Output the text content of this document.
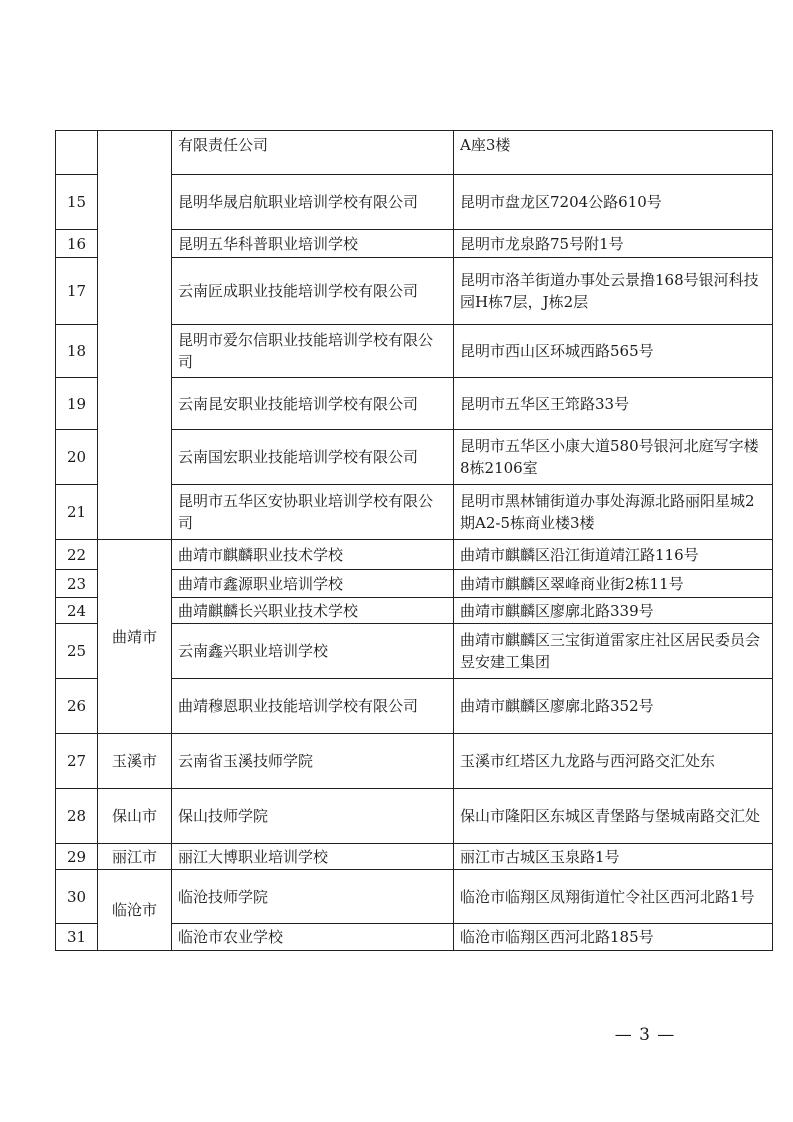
		有限责任公司	A座3楼
15		昆明华晟启航职业培训学校有限公司	昆明市盘龙区7204公路610号
16		昆明五华科普职业培训学校	昆明市龙泉路75号附1号
17		云南匠成职业技能培训学校有限公司	昆明市洛羊街道办事处云景撸168号银河科技园H栋7层，J栋2层
18		昆明市爱尔信职业技能培训学校有限公司	昆明市西山区环城西路565号
19		云南昆安职业技能培训学校有限公司	昆明市五华区王筇路33号
20		云南国宏职业技能培训学校有限公司	昆明市五华区小康大道580号银河北庭写字楼8栋2106室
21		昆明市五华区安协职业培训学校有限公司	昆明市黑林铺街道办事处海源北路丽阳星城2期A2-5栋商业楼3楼
22	曲靖市	曲靖市麒麟职业技术学校	曲靖市麒麟区沿江街道靖江路116号
23		曲靖市鑫源职业培训学校	曲靖市麒麟区翠峰商业街2栋11号
24		曲靖麒麟长兴职业技术学校	曲靖市麒麟区廖廓北路339号
25		云南鑫兴职业培训学校	曲靖市麒麟区三宝街道雷家庄社区居民委员会昱安建工集团
26		曲靖穆恩职业技能培训学校有限公司	曲靖市麒麟区廖廓北路352号
27	玉溪市	云南省玉溪技师学院	玉溪市红塔区九龙路与西河路交汇处东
28	保山市	保山技师学院	保山市隆阳区东城区青堡路与堡城南路交汇处
29	丽江市	丽江大博职业培训学校	丽江市古城区玉泉路1号
30	临沧市	临沧技师学院	临沧市临翔区凤翔街道忙令社区西河北路1号
31		临沧市农业学校	临沧市临翔区西河北路185号
— 3 —
